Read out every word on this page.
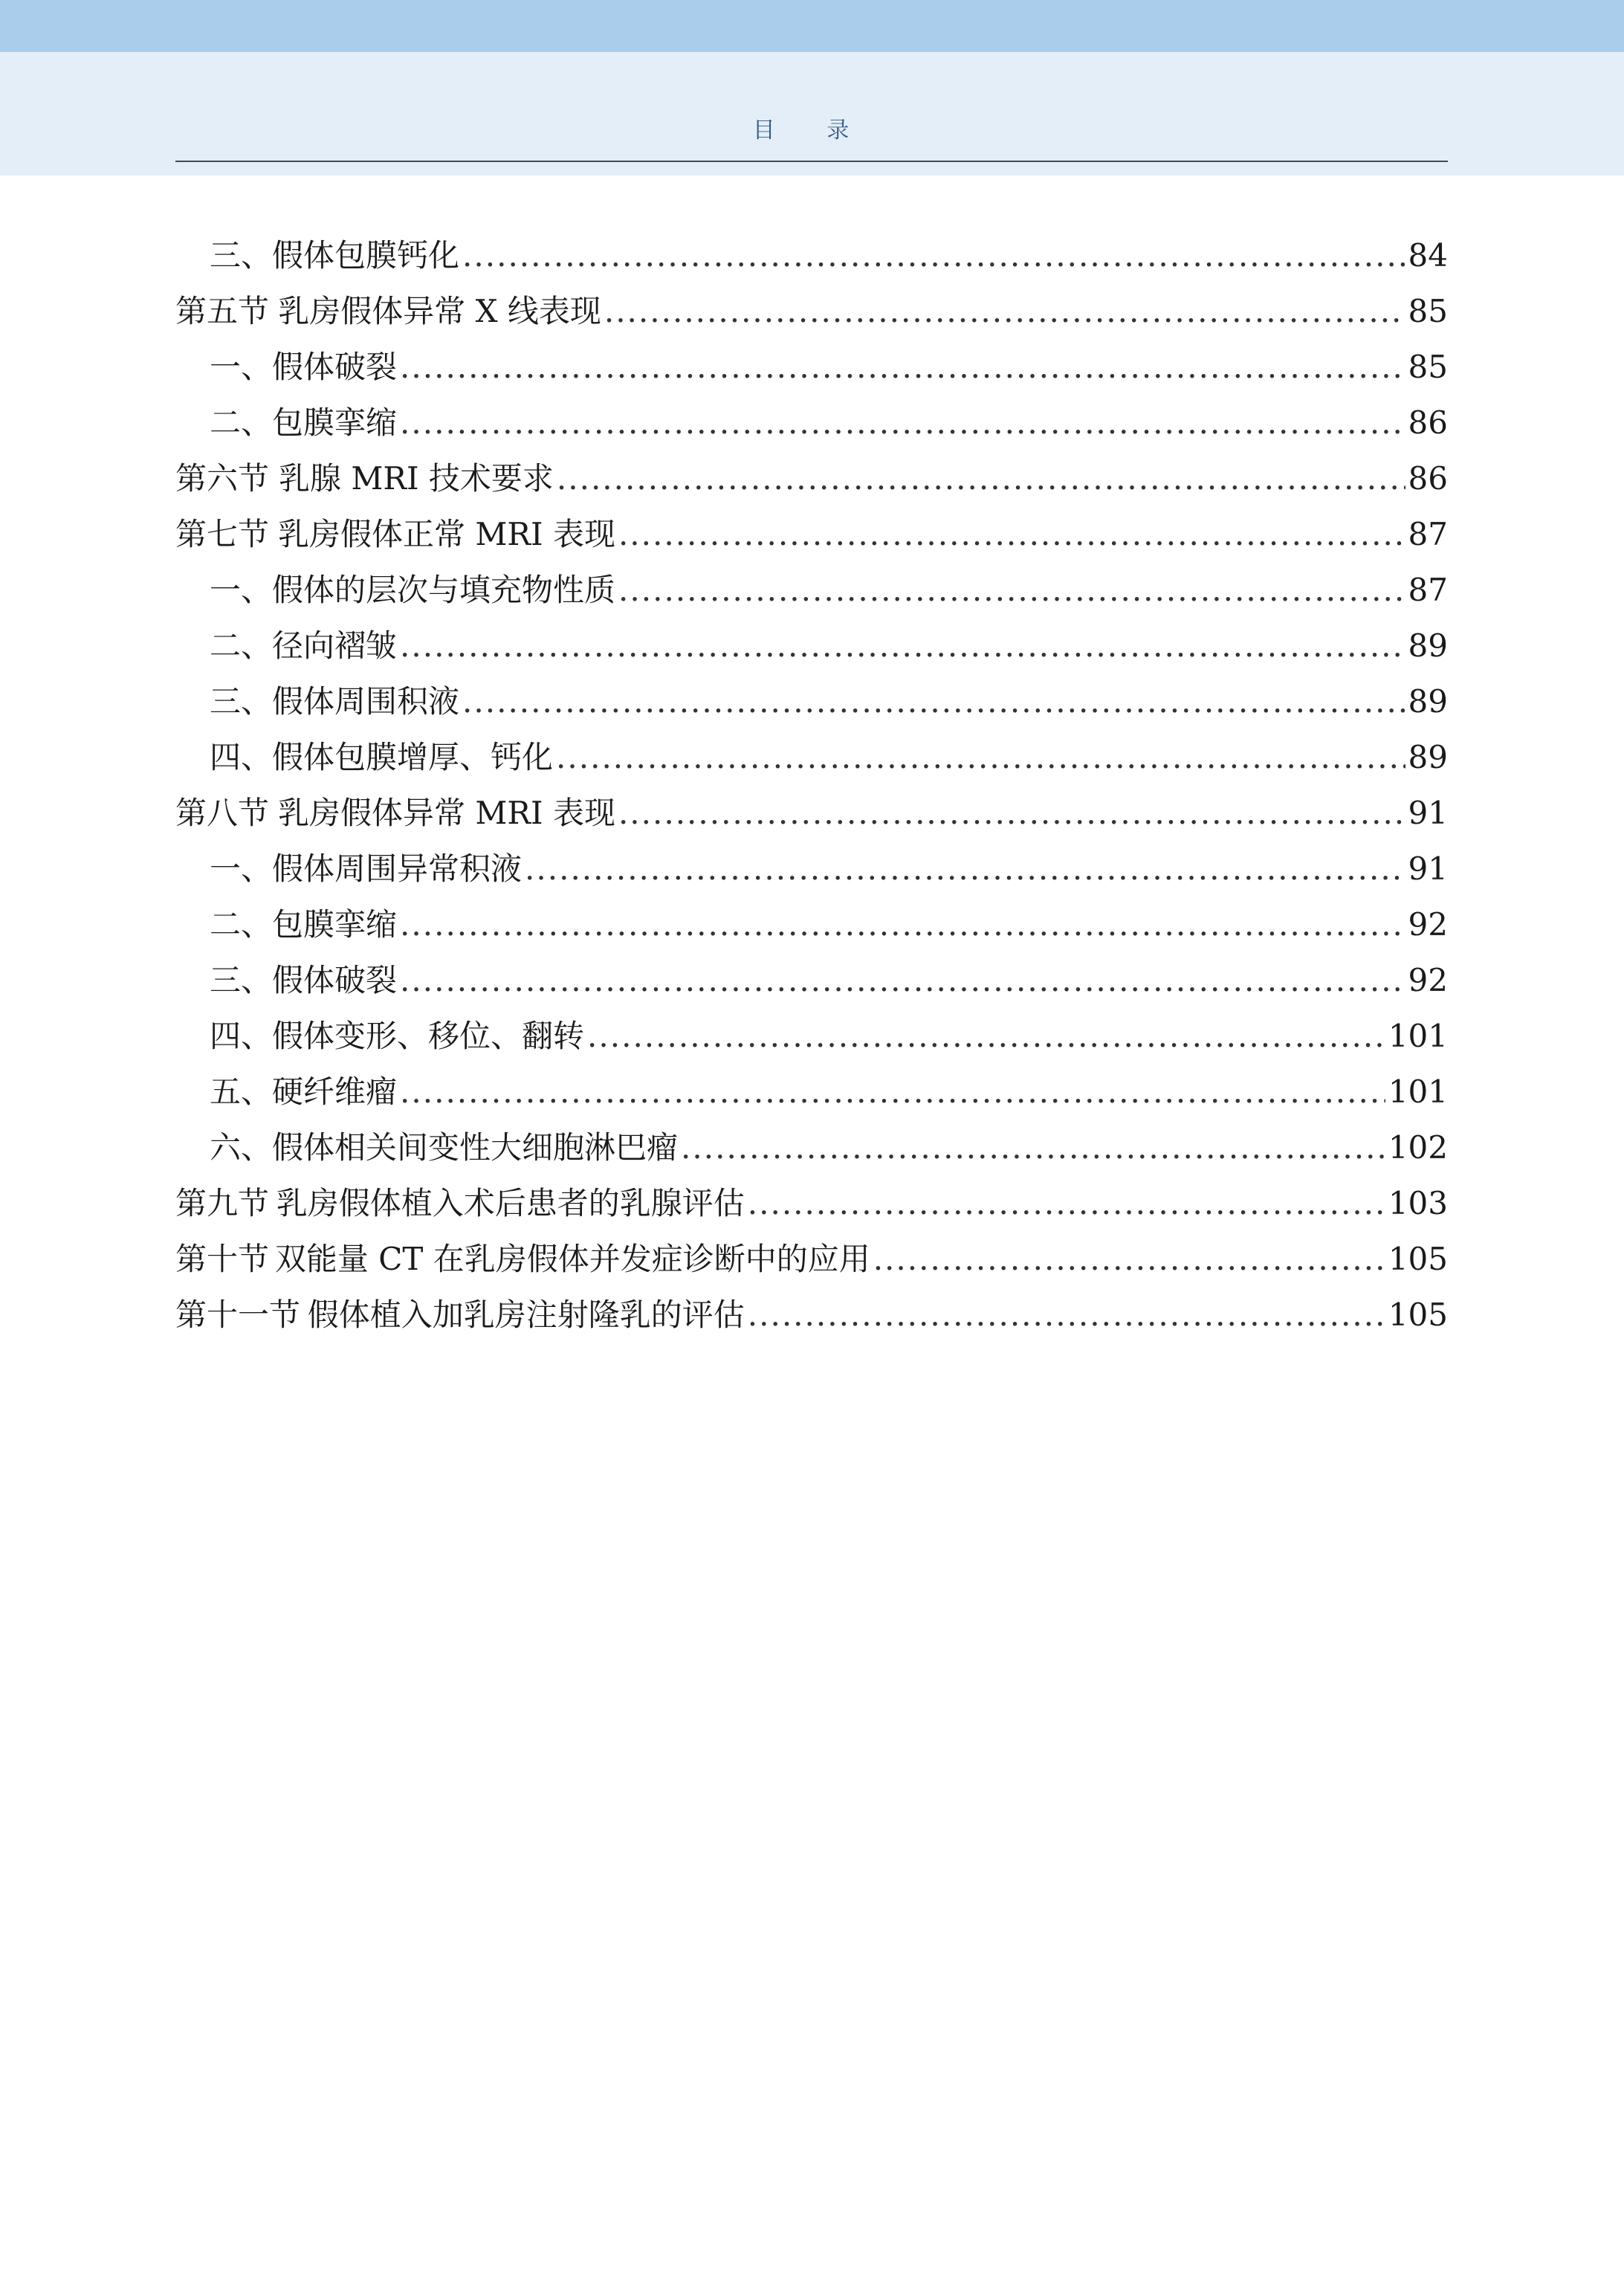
目 录
三 、 假体包膜钙化 .....	84
第五节 乳房假体异常 X 线表现 .....	85
一 、 假体破裂 .....	85
二 、 包膜挛缩 .....	86
第六节 乳腺 MRI 技术要求 .....	86
第七节 乳房假体正常 MRI 表现 .....	87
一 、 假体的层次与填充物性质 .....	87
二 、 径向褶皱 .....	89
三 、 假体周围积液 .....	89
四 、 假体包膜增厚、钙化 .....	89
第八节 乳房假体异常 MRI 表现 .....	91
一 、 假体周围异常积液 .....	91
二 、 包膜挛缩 .....	92
三 、 假体破裂 .....	92
四 、 假体变形、移位、翻转 .....	101
五 、 硬纤维瘤 .....	101
六 、 假体相关间变性大细胞淋巴瘤 .....	102
第九节 乳房假体植入术后患者的乳腺评估 .....	103
第十节 双能量 CT 在乳房假体并发症诊断中的应用 .....	105
第十一节 假体植入加乳房注射隆乳的评估 .....	105
